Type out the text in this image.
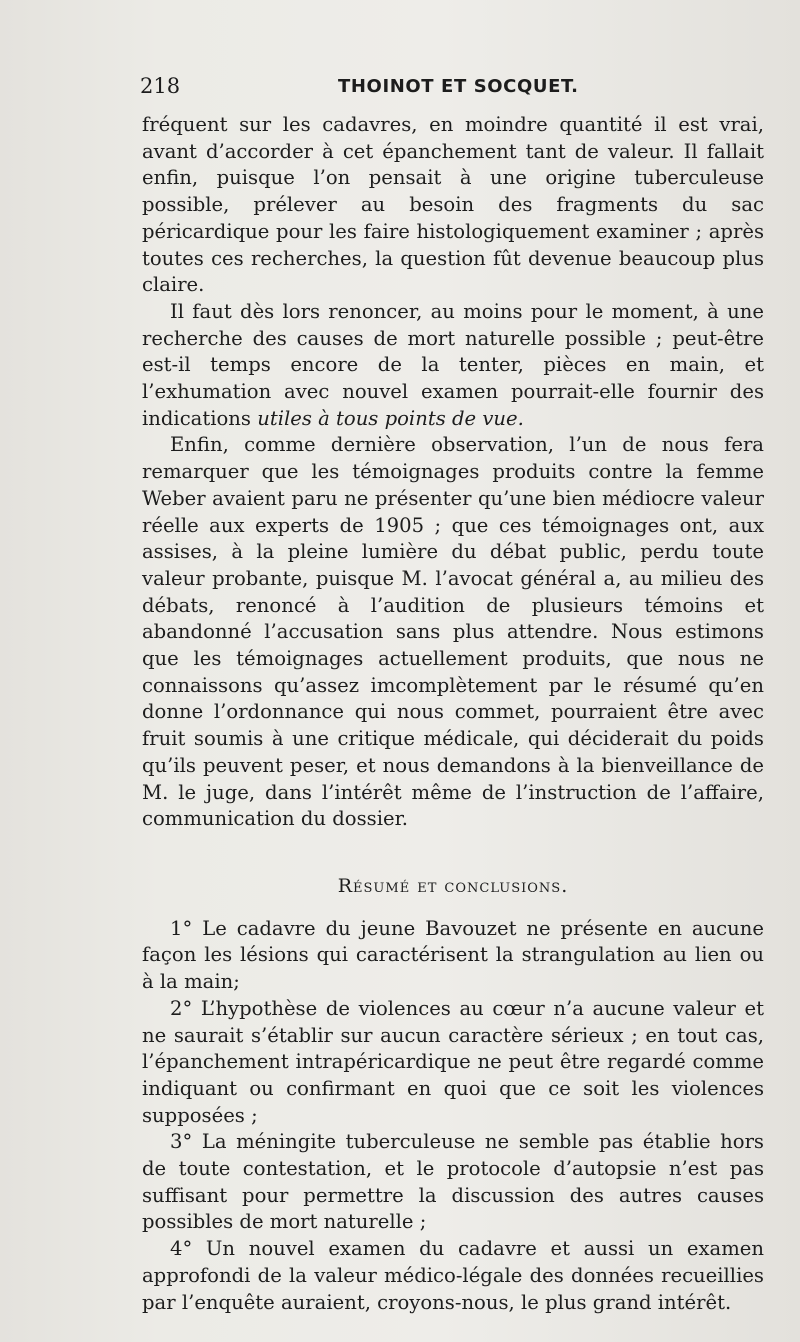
218	THOINOT ET SOCQUET.

fréquent sur les cadavres, en moindre quantité il est vrai, avant d’accorder à cet épanchement tant de valeur. Il fallait enfin, puisque l’on pensait à une origine tuberculeuse possible, prélever au besoin des fragments du sac péricardique pour les faire histologiquement examiner ; après toutes ces recherches, la question fût devenue beaucoup plus claire.

Il faut dès lors renoncer, au moins pour le moment, à une recherche des causes de mort naturelle possible ; peut-être est-il temps encore de la tenter, pièces en main, et l’exhumation avec nouvel examen pourrait-elle fournir des indications utiles à tous points de vue.

Enfin, comme dernière observation, l’un de nous fera remarquer que les témoignages produits contre la femme Weber avaient paru ne présenter qu’une bien médiocre valeur réelle aux experts de 1905 ; que ces témoignages ont, aux assises, à la pleine lumière du débat public, perdu toute valeur probante, puisque M. l’avocat général a, au milieu des débats, renoncé à l’audition de plusieurs témoins et abandonné l’accusation sans plus attendre. Nous estimons que les témoignages actuellement produits, que nous ne connaissons qu’assez imcomplètement par le résumé qu’en donne l’ordonnance qui nous commet, pourraient être avec fruit soumis à une critique médicale, qui déciderait du poids qu’ils peuvent peser, et nous demandons à la bienveillance de M. le juge, dans l’intérêt même de l’instruction de l’affaire, communication du dossier.

Résumé et conclusions.

1° Le cadavre du jeune Bavouzet ne présente en aucune façon les lésions qui caractérisent la strangulation au lien ou à la main;

2° L’hypothèse de violences au cœur n’a aucune valeur et ne saurait s’établir sur aucun caractère sérieux ; en tout cas, l’épanchement intrapéricardique ne peut être regardé comme indiquant ou confirmant en quoi que ce soit les violences supposées ;

3° La méningite tuberculeuse ne semble pas établie hors de toute contestation, et le protocole d’autopsie n’est pas suffisant pour permettre la discussion des autres causes possibles de mort naturelle ;

4° Un nouvel examen du cadavre et aussi un examen approfondi de la valeur médico-légale des données recueillies par l’enquête auraient, croyons-nous, le plus grand intérêt.
